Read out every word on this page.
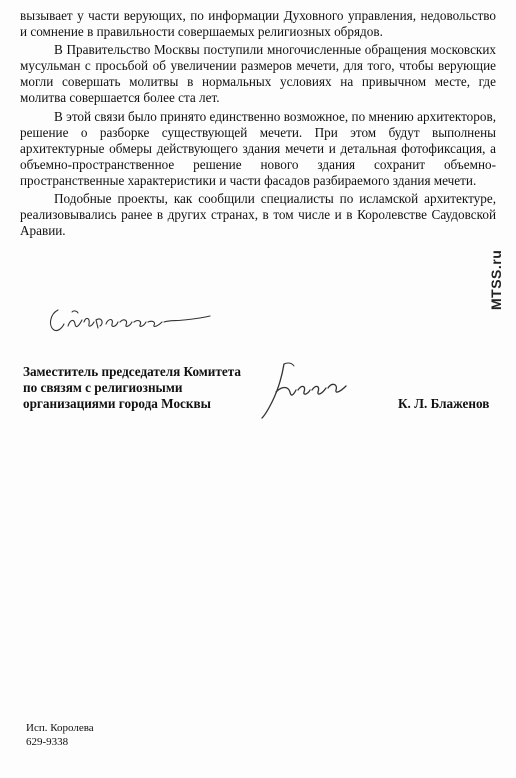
вызывает у части верующих, по информации Духовного управления, недовольство и сомнение в правильности совершаемых религиозных обрядов.

В Правительство Москвы поступили многочисленные обращения московских мусульман с просьбой об увеличении размеров мечети, для того, чтобы верующие могли совершать молитвы в нормальных условиях на привычном месте, где молитва совершается более ста лет.

В этой связи было принято единственно возможное, по мнению архитекторов, решение о разборке существующей мечети. При этом будут выполнены архитектурные обмеры действующего здания мечети и детальная фотофиксация, а объемно-пространственное решение нового здания сохранит объемно-пространственные характеристики и части фасадов разбираемого здания мечети.

Подобные проекты, как сообщили специалисты по исламской архитектуре, реализовывались ранее в других странах, в том числе и в Королевстве Саудовской Аравии.

MTSS.ru
Заместитель председателя Комитета
по связям с религиозными
организациями города Москвы	К. Л. Блаженов
Исп. Королева
629-9338
